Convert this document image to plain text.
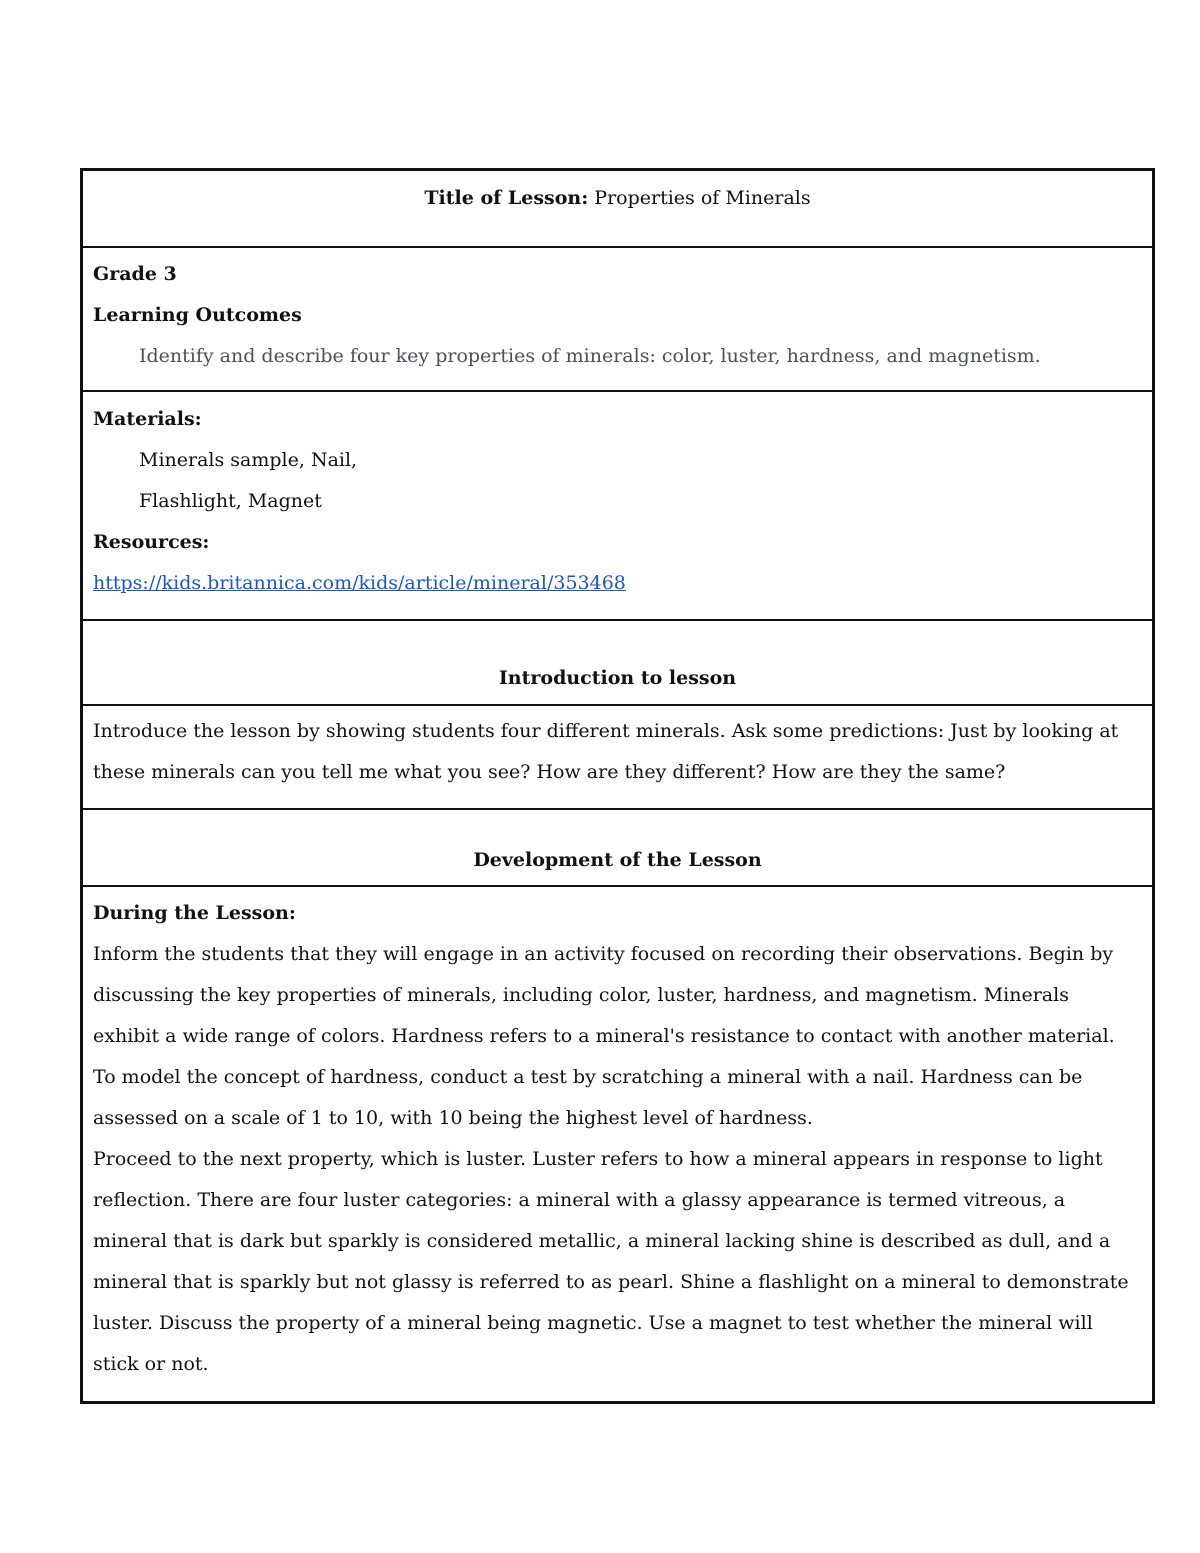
Title of Lesson: Properties of Minerals
Grade 3
Learning Outcomes
Identify and describe four key properties of minerals: color, luster, hardness, and magnetism.
Materials:
Minerals sample, Nail,
Flashlight, Magnet
Resources:
https://kids.britannica.com/kids/article/mineral/353468
Introduction to lesson
Introduce the lesson by showing students four different minerals. Ask some predictions: Just by looking at
these minerals can you tell me what you see? How are they different? How are they the same?
Development of the Lesson
During the Lesson:
Inform the students that they will engage in an activity focused on recording their observations. Begin by
discussing the key properties of minerals, including color, luster, hardness, and magnetism. Minerals
exhibit a wide range of colors. Hardness refers to a mineral's resistance to contact with another material.
To model the concept of hardness, conduct a test by scratching a mineral with a nail. Hardness can be
assessed on a scale of 1 to 10, with 10 being the highest level of hardness.
Proceed to the next property, which is luster. Luster refers to how a mineral appears in response to light
reflection. There are four luster categories: a mineral with a glassy appearance is termed vitreous, a
mineral that is dark but sparkly is considered metallic, a mineral lacking shine is described as dull, and a
mineral that is sparkly but not glassy is referred to as pearl. Shine a flashlight on a mineral to demonstrate
luster. Discuss the property of a mineral being magnetic. Use a magnet to test whether the mineral will
stick or not.
